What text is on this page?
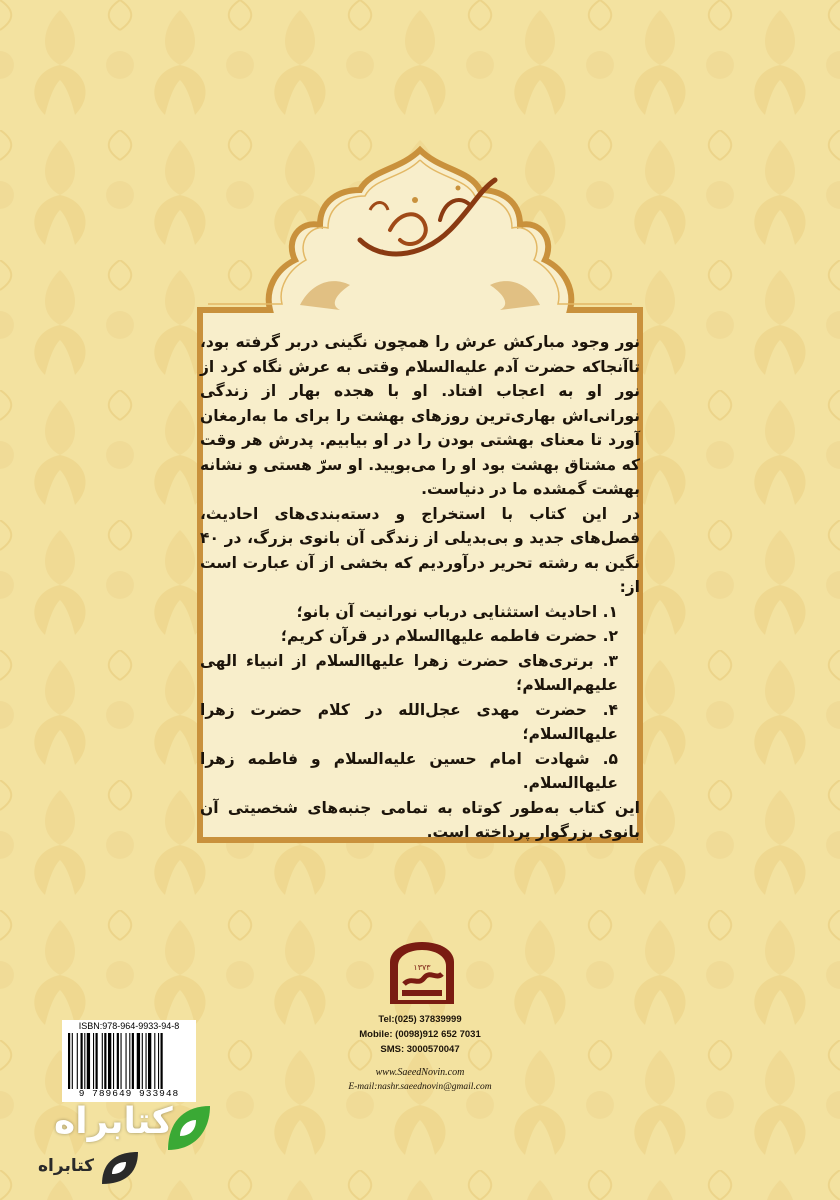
نور وجود مبارکش عرش را همچون نگینی دربر گرفته بود، تاآنجاکه حضرت آدم علیه‌السلام وقتی به عرش نگاه کرد از نور او به اعجاب افتاد. او با هجده بهار از زندگی نورانی‌اش بهاری‌ترین روزهای بهشت را برای ما به‌ارمغان آورد تا معنای بهشتی بودن را در او بیابیم. پدرش هر وقت که مشتاق بهشت بود او را می‌بویید. او سرّ هستی و نشانه بهشت گمشده ما در دنیاست.

در این کتاب با استخراج و دسته‌بندی‌های احادیث، فصل‌های جدید و بی‌بدیلی از زندگی آن بانوی بزرگ، در ۴۰ نگین به رشته تحریر درآوردیم که بخشی از آن عبارت است از:

۱. احادیث استثنایی درباب نورانیت آن بانو؛
۲. حضرت فاطمه علیهاالسلام در قرآن کریم؛
۳. برتری‌های حضرت زهرا علیهاالسلام از انبیاء الهی علیهم‌السلام؛
۴. حضرت مهدی عجل‌الله در کلام حضرت زهرا علیهاالسلام؛
۵. شهادت امام حسین علیه‌السلام و فاطمه زهرا علیهاالسلام.

این کتاب به‌طور کوتاه به تمامی جنبه‌های شخصیتی آن بانوی بزرگوار پرداخته است.

۱۳۷۳
Tel:(025) 37839999
Mobile: (0098)912 652 7031
SMS: 3000570047
www.SaeedNovin.com
E-mail:nashr.saeednovin@gmail.com
ISBN:978-964-9933-94-8
9 789649 933948
کتابراه
کتابراه
